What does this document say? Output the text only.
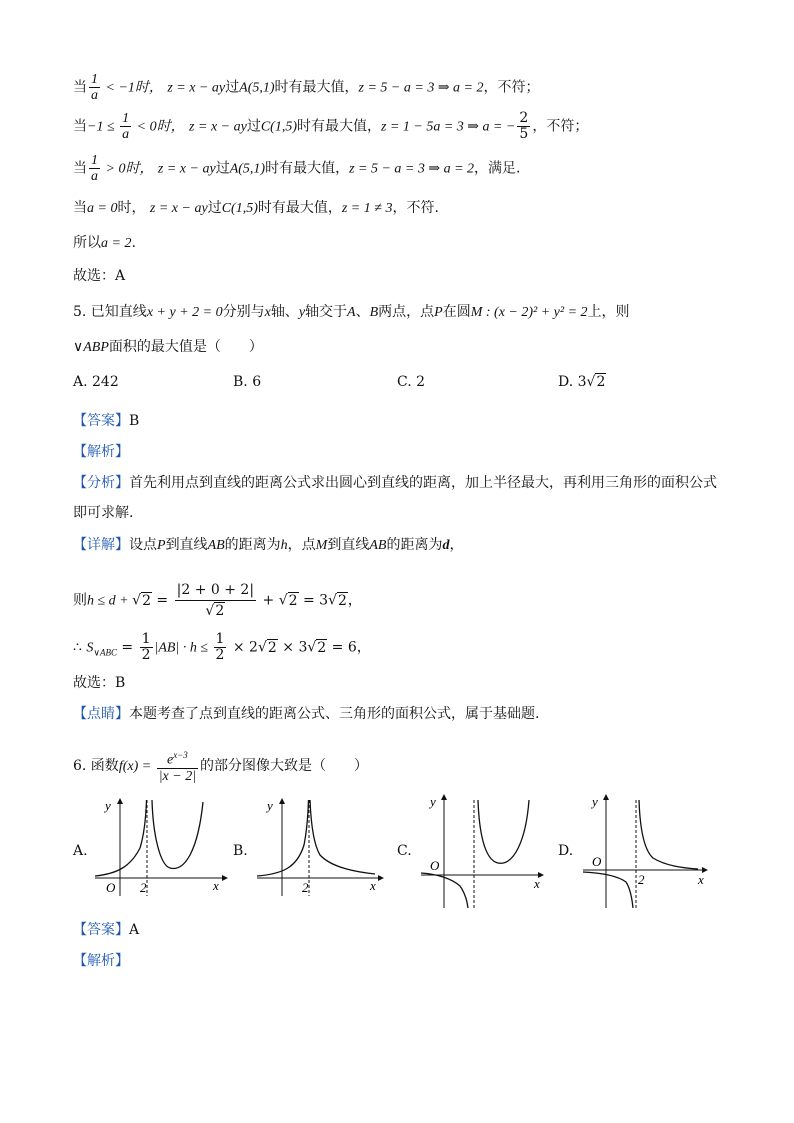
当 $\frac{1}{a} < -1$时， z = x − ay过A(5,1)时有最大值，z = 5 − a = 3 ⇒ a = 2，不符；
当$-1 \le \frac{1}{a} < 0$时， z = x − ay过C(1,5)时有最大值，z = 1 − 5a = 3 ⇒ a = − $\frac{2}{5}$ ，不符；
当 $\frac{1}{a} > 0$时， z = x − ay过A(5,1)时有最大值，z = 5 − a = 3 ⇒ a = 2，满足.
当a = 0时， z = x − ay过C(1,5)时有最大值，z = 1 ≠ 3，不符.
所以a = 2.
故选：A
5. 已知直线x + y + 2 = 0分别与x轴、y轴交于A、B两点，点P在圆M : (x − 2)² + y² = 2上，则
∨ABP面积的最大值是（　　）
A. 242	B. 6	C. 2	D. 3√2
【答案】B
【解析】
【分析】首先利用点到直线的距离公式求出圆心到直线的距离，加上半径最大，再利用三角形的面积公式
即可求解.
【详解】设点P到直线AB的距离为h，点M到直线AB的距离为d，
则$h \le d + √2 = \frac{|2 + 0 + 2|}{√2} + √2 = 3√2$，
∴ $S_{\vee ABC} = \frac{1}{2} |AB| \cdot h \le \frac{1}{2} \times 2√2 \times 3√2 = 6$，
故选：B
【点睛】本题考查了点到直线的距离公式、三角形的面积公式，属于基础题.
6. 函数$f(x) = \frac{e^{x-3}}{|x - 2|}$ 的部分图像大致是（　　）
A.	B.	C.	D.
y
x
O 2
y
x
2
y
x
O
y
x
O
2
【答案】A
【解析】
